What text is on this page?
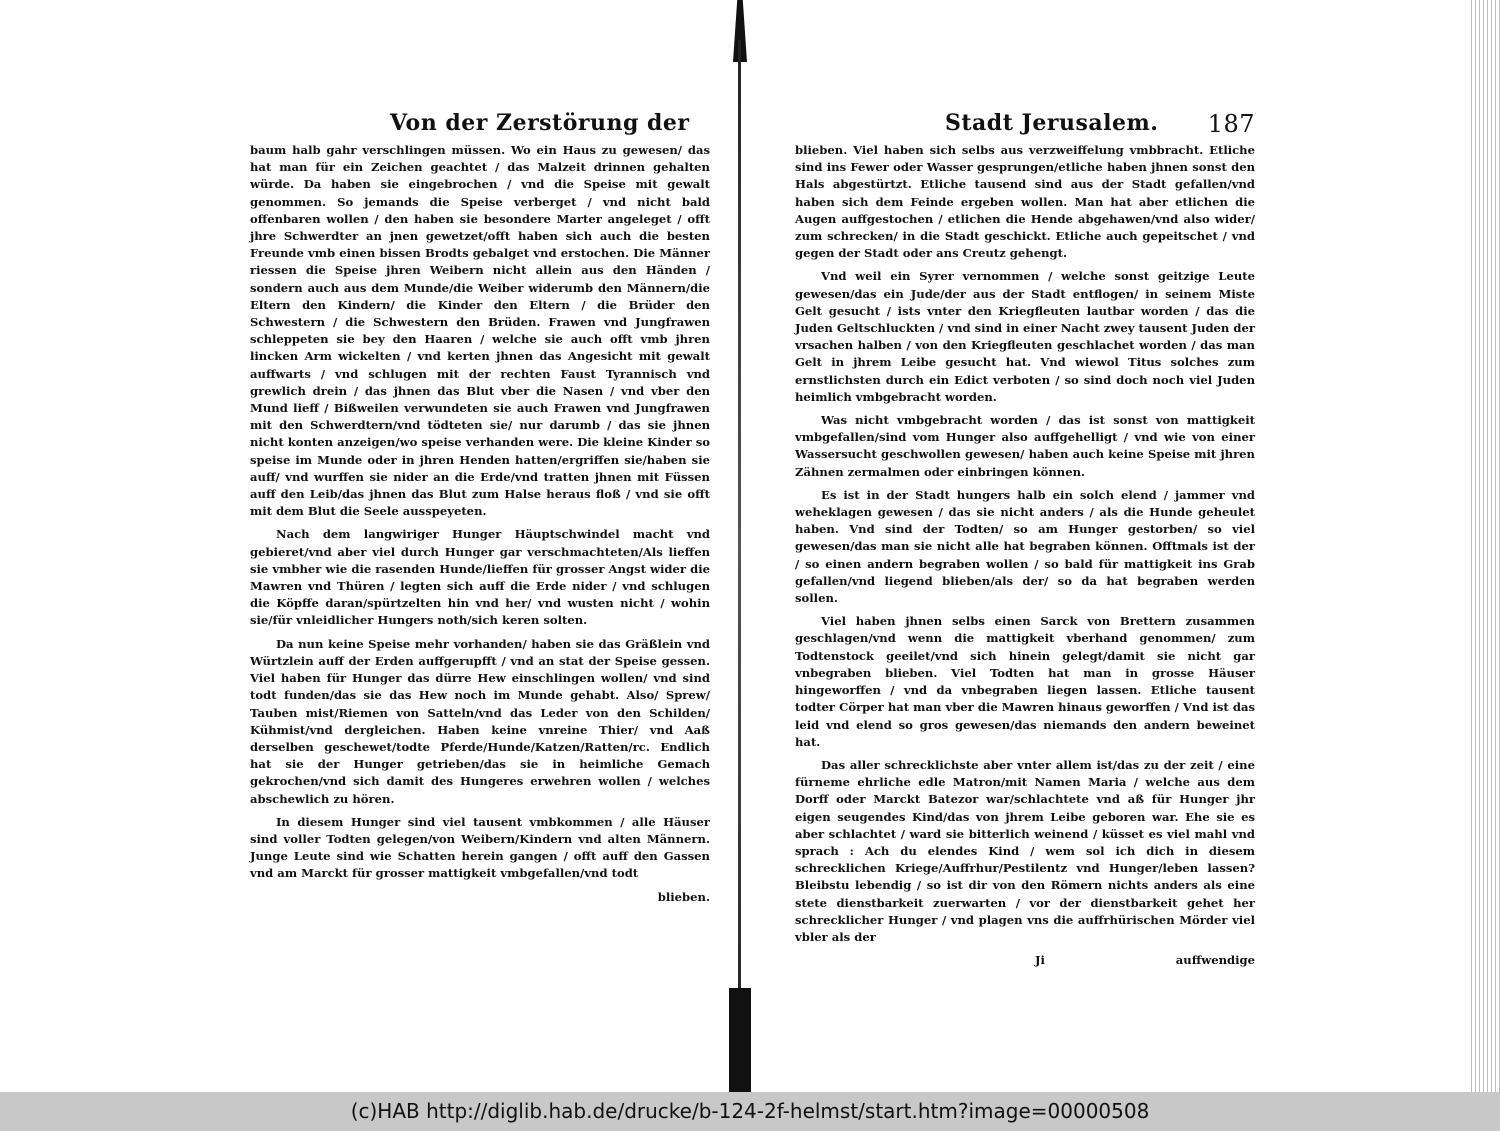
Von der Zerstörung der

baum halb gahr verschlingen müssen. Wo ein Haus zu gewesen/ das hat man für ein Zeichen geachtet / das Malzeit drinnen gehalten würde. Da haben sie eingebrochen / vnd die Speise mit gewalt genommen. So jemands die Speise verberget / vnd nicht bald offenbaren wollen / den haben sie besondere Marter angeleget / offt jhre Schwerdter an jnen gewetzet/offt haben sich auch die besten Freunde vmb einen bissen Brodts gebalget vnd erstochen. Die Männer riessen die Speise jhren Weibern nicht allein aus den Händen / sondern auch aus dem Munde/die Weiber widerumb den Männern/die Eltern den Kindern/ die Kinder den Eltern / die Brüder den Schwestern / die Schwestern den Brüden. Frawen vnd Jungfrawen schleppeten sie bey den Haaren / welche sie auch offt vmb jhren lincken Arm wickelten / vnd kerten jhnen das Angesicht mit gewalt auffwarts / vnd schlugen mit der rechten Faust Tyrannisch vnd grewlich drein / das jhnen das Blut vber die Nasen / vnd vber den Mund lieff / Bißweilen verwundeten sie auch Frawen vnd Jungfrawen mit den Schwerdtern/vnd tödteten sie/ nur darumb / das sie jhnen nicht konten anzeigen/wo speise verhanden were. Die kleine Kinder so speise im Munde oder in jhren Henden hatten/ergriffen sie/haben sie auff/ vnd wurffen sie nider an die Erde/vnd tratten jhnen mit Füssen auff den Leib/das jhnen das Blut zum Halse heraus floß / vnd sie offt mit dem Blut die Seele ausspeyeten.

Nach dem langwiriger Hunger Häuptschwindel macht vnd gebieret/vnd aber viel durch Hunger gar verschmachteten/Als lieffen sie vmbher wie die rasenden Hunde/lieffen für grosser Angst wider die Mawren vnd Thüren / legten sich auff die Erde nider / vnd schlugen die Köpffe daran/spürtzelten hin vnd her/ vnd wusten nicht / wohin sie/für vnleidlicher Hungers noth/sich keren solten.

Da nun keine Speise mehr vorhanden/ haben sie das Gräßlein vnd Würtzlein auff der Erden auffgerupfft / vnd an stat der Speise gessen. Viel haben für Hunger das dürre Hew einschlingen wollen/ vnd sind todt funden/das sie das Hew noch im Munde gehabt. Also/ Sprew/ Tauben mist/Riemen von Satteln/vnd das Leder von den Schilden/ Kühmist/vnd dergleichen. Haben keine vnreine Thier/ vnd Aaß derselben geschewet/todte Pferde/Hunde/Katzen/Ratten/rc. Endlich hat sie der Hunger getrieben/das sie in heimliche Gemach gekrochen/vnd sich damit des Hungeres erwehren wollen / welches abschewlich zu hören.

In diesem Hunger sind viel tausent vmbkommen / alle Häuser sind voller Todten gelegen/von Weibern/Kindern vnd alten Männern. Junge Leute sind wie Schatten herein gangen / offt auff den Gassen vnd am Marckt für grosser mattigkeit vmbgefallen/vnd todt

blieben.
Stadt Jerusalem. 187

blieben. Viel haben sich selbs aus verzweiffelung vmbbracht. Etliche sind ins Fewer oder Wasser gesprungen/etliche haben jhnen sonst den Hals abgestürtzt. Etliche tausend sind aus der Stadt gefallen/vnd haben sich dem Feinde ergeben wollen. Man hat aber etlichen die Augen auffgestochen / etlichen die Hende abgehawen/vnd also wider/ zum schrecken/ in die Stadt geschickt. Etliche auch gepeitschet / vnd gegen der Stadt oder ans Creutz gehengt.

Vnd weil ein Syrer vernommen / welche sonst geitzige Leute gewesen/das ein Jude/der aus der Stadt entflogen/ in seinem Miste Gelt gesucht / ists vnter den Kriegfleuten lautbar worden / das die Juden Geltschluckten / vnd sind in einer Nacht zwey tausent Juden der vrsachen halben / von den Kriegfleuten geschlachet worden / das man Gelt in jhrem Leibe gesucht hat. Vnd wiewol Titus solches zum ernstlichsten durch ein Edict verboten / so sind doch noch viel Juden heimlich vmbgebracht worden.

Was nicht vmbgebracht worden / das ist sonst von mattigkeit vmbgefallen/sind vom Hunger also auffgehelligt / vnd wie von einer Wassersucht geschwollen gewesen/ haben auch keine Speise mit jhren Zähnen zermalmen oder einbringen können.

Es ist in der Stadt hungers halb ein solch elend / jammer vnd weheklagen gewesen / das sie nicht anders / als die Hunde geheulet haben. Vnd sind der Todten/ so am Hunger gestorben/ so viel gewesen/das man sie nicht alle hat begraben können. Offtmals ist der / so einen andern begraben wollen / so bald für mattigkeit ins Grab gefallen/vnd liegend blieben/als der/ so da hat begraben werden sollen.

Viel haben jhnen selbs einen Sarck von Brettern zusammen geschlagen/vnd wenn die mattigkeit vberhand genommen/ zum Todtenstock geeilet/vnd sich hinein gelegt/damit sie nicht gar vnbegraben blieben. Viel Todten hat man in grosse Häuser hingeworffen / vnd da vnbegraben liegen lassen. Etliche tausent todter Cörper hat man vber die Mawren hinaus geworffen / Vnd ist das leid vnd elend so gros gewesen/das niemands den andern beweinet hat.

Das aller schrecklichste aber vnter allem ist/das zu der zeit / eine fürneme ehrliche edle Matron/mit Namen Maria / welche aus dem Dorff oder Marckt Batezor war/schlachtete vnd aß für Hunger jhr eigen seugendes Kind/das von jhrem Leibe geboren war. Ehe sie es aber schlachtet / ward sie bitterlich weinend / küsset es viel mahl vnd sprach : Ach du elendes Kind / wem sol ich dich in diesem schrecklichen Kriege/Auffrhur/Pestilentz vnd Hunger/leben lassen? Bleibstu lebendig / so ist dir von den Römern nichts anders als eine stete dienstbarkeit zuerwarten / vor der dienstbarkeit gehet her schrecklicher Hunger / vnd plagen vns die auffrhürischen Mörder viel vbler als der

Ji	auffwendige
(c)HAB http://diglib.hab.de/drucke/b-124-2f-helmst/start.htm?image=00000508
